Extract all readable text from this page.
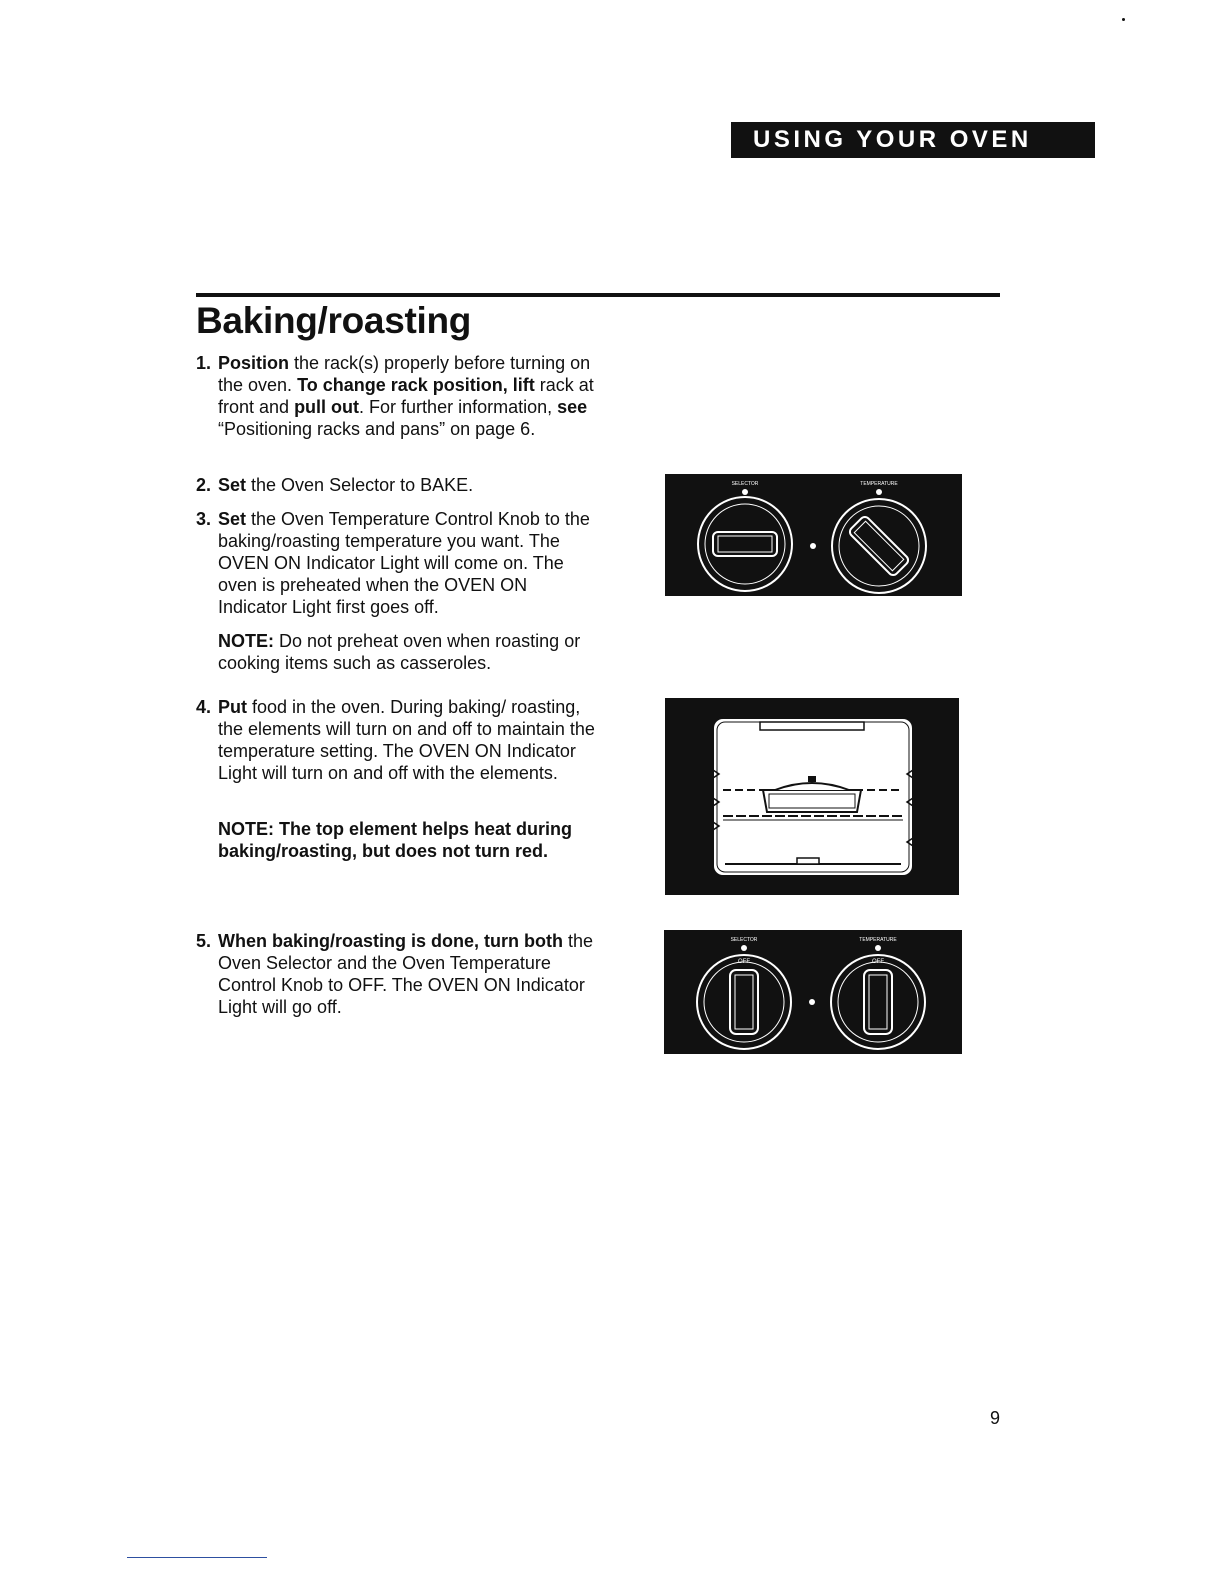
USING YOUR OVEN
Baking/roasting
1. Position the rack(s) properly before turning on the oven. To change rack position, lift rack at front and pull out. For further information, see “Positioning racks and pans” on page 6.
2. Set the Oven Selector to BAKE.
3. Set the Oven Temperature Control Knob to the baking/roasting temperature you want. The OVEN ON Indicator Light will come on. The oven is preheated when the OVEN ON Indicator Light first goes off.
NOTE: Do not preheat oven when roasting or cooking items such as casseroles.
4. Put food in the oven. During baking/ roasting, the elements will turn on and off to maintain the temperature setting. The OVEN ON Indicator Light will turn on and off with the elements.
NOTE: The top element helps heat during baking/roasting, but does not turn red.
5. When baking/roasting is done, turn both the Oven Selector and the Oven Temperature Control Knob to OFF. The OVEN ON Indicator Light will go off.
SELECTOR	TEMPERATURE
SELECTOR	TEMPERATURE
OFF	OFF
9
